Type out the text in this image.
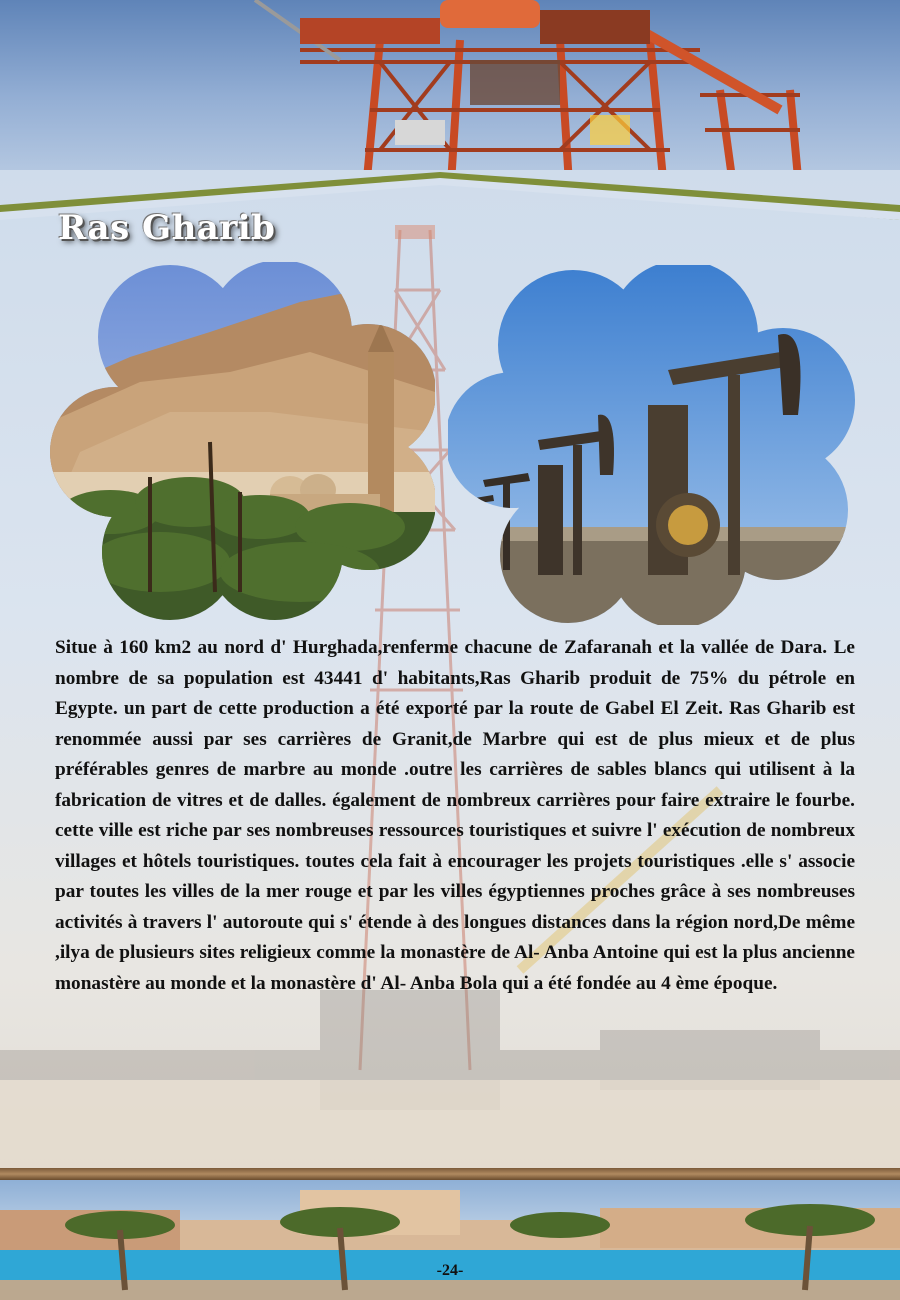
Ras Gharib

Situe à 160 km2 au nord d' Hurghada,renferme chacune de Zafaranah et la vallée de Dara. Le nombre de sa population est 43441 d' habitants,Ras Gharib produit de 75% du pétrole en Egypte. un part de cette production a été exporté par la route de Gabel El Zeit. Ras Gharib est renommée aussi par ses carrières de Granit,de Marbre qui est de plus mieux et de plus préférables genres de marbre au monde .outre les carrières de sables blancs qui utilisent à la fabrication de vitres et de dalles. également de nombreux carrières pour faire extraire le fourbe. cette ville est riche par ses nombreuses ressources touristiques et suivre l' exécution de nombreux villages et hôtels touristiques. toutes cela fait à encourager les projets touristiques .elle s' associe par toutes les villes de la mer rouge et par les villes égyptiennes proches grâce à ses nombreuses activités à travers l' autoroute qui s' étende à des longues distances dans la région nord,De même ,ilya de plusieurs sites religieux comme la monastère de Al- Anba Antoine qui est la plus ancienne monastère au monde et la monastère d' Al- Anba Bola qui a été fondée au 4 ème époque.

-24-
